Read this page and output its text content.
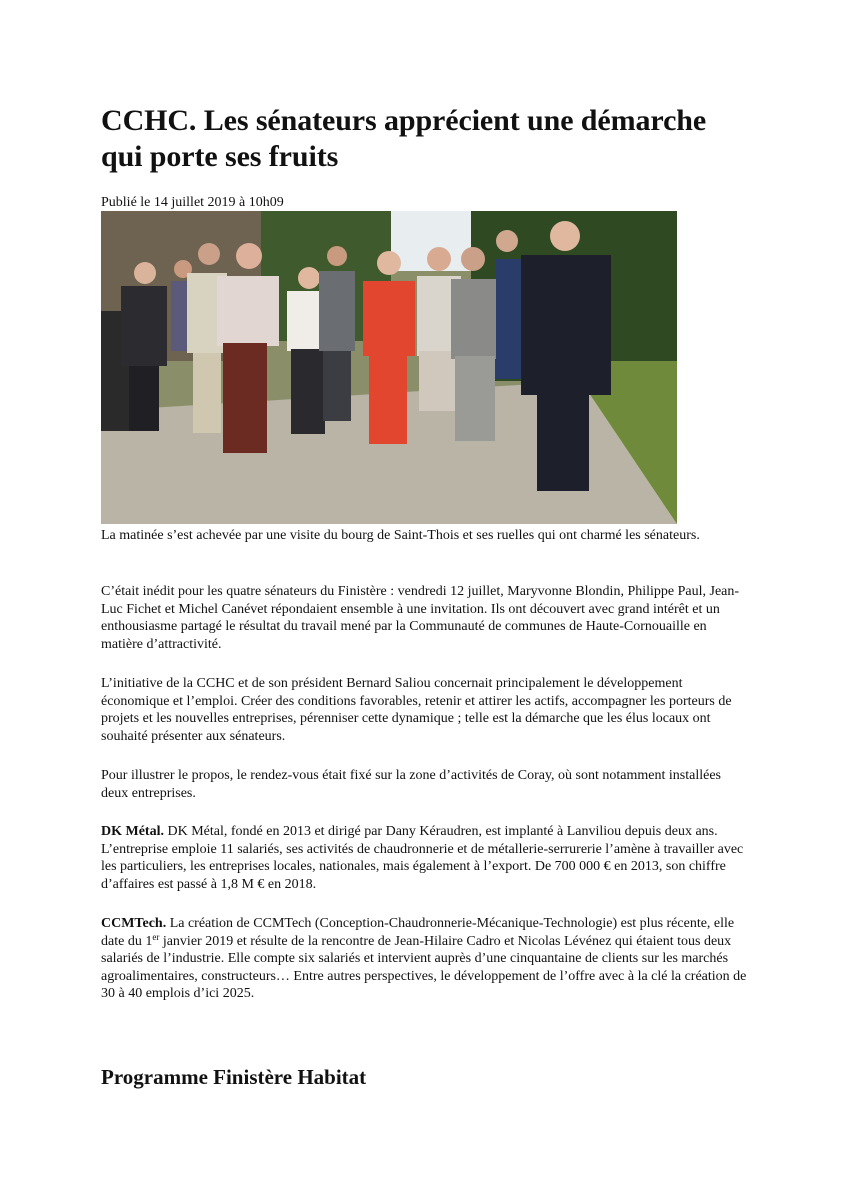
CCHC. Les sénateurs apprécient une démarche qui porte ses fruits
Publié le 14 juillet 2019 à 10h09
La matinée s’est achevée par une visite du bourg de Saint-Thois et ses ruelles qui ont charmé les sénateurs.

C’était inédit pour les quatre sénateurs du Finistère : vendredi 12 juillet, Maryvonne Blondin, Philippe Paul, Jean-Luc Fichet et Michel Canévet répondaient ensemble à une invitation. Ils ont découvert avec grand intérêt et un enthousiasme partagé le résultat du travail mené par la Communauté de communes de Haute-Cornouaille en matière d’attractivité.

L’initiative de la CCHC et de son président Bernard Saliou concernait principalement le développement économique et l’emploi. Créer des conditions favorables, retenir et attirer les actifs, accompagner les porteurs de projets et les nouvelles entreprises, pérenniser cette dynamique ; telle est la démarche que les élus locaux ont souhaité présenter aux sénateurs.

Pour illustrer le propos, le rendez-vous était fixé sur la zone d’activités de Coray, où sont notamment installées deux entreprises.

DK Métal. DK Métal, fondé en 2013 et dirigé par Dany Kéraudren, est implanté à Lanviliou depuis deux ans. L’entreprise emploie 11 salariés, ses activités de chaudronnerie et de métallerie-serrurerie l’amène à travailler avec les particuliers, les entreprises locales, nationales, mais également à l’export. De 700 000 € en 2013, son chiffre d’affaires est passé à 1,8 M € en 2018.

CCMTech. La création de CCMTech (Conception-Chaudronnerie-Mécanique-Technologie) est plus récente, elle date du 1er janvier 2019 et résulte de la rencontre de Jean-Hilaire Cadro et Nicolas Lévénez qui étaient tous deux salariés de l’industrie. Elle compte six salariés et intervient auprès d’une cinquantaine de clients sur les marchés agroalimentaires, constructeurs… Entre autres perspectives, le développement de l’offre avec à la clé la création de 30 à 40 emplois d’ici 2025.

Programme Finistère Habitat
